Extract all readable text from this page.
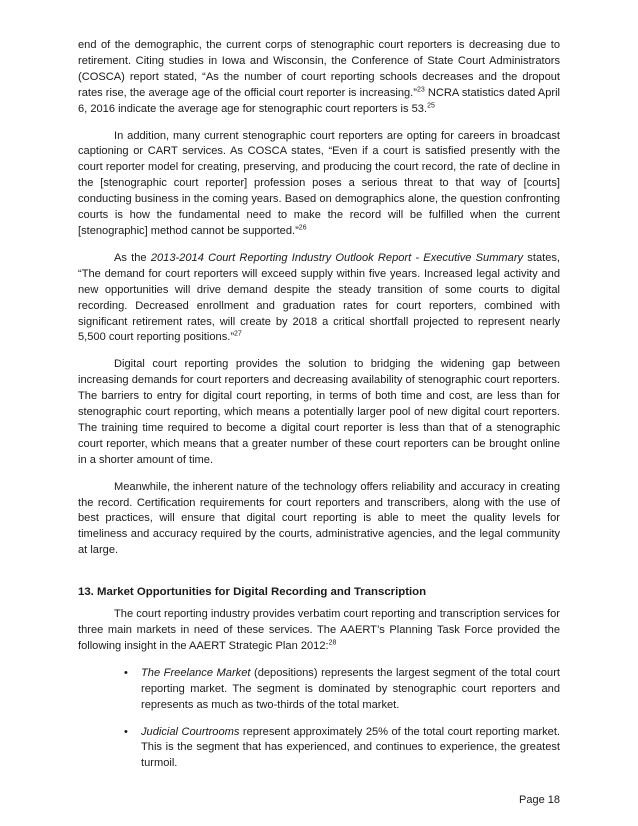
end of the demographic, the current corps of stenographic court reporters is decreasing due to retirement. Citing studies in Iowa and Wisconsin, the Conference of State Court Administrators (COSCA) report stated, “As the number of court reporting schools decreases and the dropout rates rise, the average age of the official court reporter is increasing.”$^{23}$ NCRA statistics dated April 6, 2016 indicate the average age for stenographic court reporters is 53.25

In addition, many current stenographic court reporters are opting for careers in broadcast captioning or CART services. As COSCA states, “Even if a court is satisfied presently with the court reporter model for creating, preserving, and producing the court record, the rate of decline in the [stenographic court reporter] profession poses a serious threat to that way of [courts] conducting business in the coming years. Based on demographics alone, the question confronting courts is how the fundamental need to make the record will be fulfilled when the current [stenographic] method cannot be supported.”$^{26}$

As the 2013-2014 Court Reporting Industry Outlook Report - Executive Summary states, “The demand for court reporters will exceed supply within five years. Increased legal activity and new opportunities will drive demand despite the steady transition of some courts to digital recording. Decreased enrollment and graduation rates for court reporters, combined with significant retirement rates, will create by 2018 a critical shortfall projected to represent nearly 5,500 court reporting positions.”$^{27}$

Digital court reporting provides the solution to bridging the widening gap between increasing demands for court reporters and decreasing availability of stenographic court reporters. The barriers to entry for digital court reporting, in terms of both time and cost, are less than for stenographic court reporting, which means a potentially larger pool of new digital court reporters. The training time required to become a digital court reporter is less than that of a stenographic court reporter, which means that a greater number of these court reporters can be brought online in a shorter amount of time.

Meanwhile, the inherent nature of the technology offers reliability and accuracy in creating the record. Certification requirements for court reporters and transcribers, along with the use of best practices, will ensure that digital court reporting is able to meet the quality levels for timeliness and accuracy required by the courts, administrative agencies, and the legal community at large.

13. Market Opportunities for Digital Recording and Transcription

The court reporting industry provides verbatim court reporting and transcription services for three main markets in need of these services. The AAERT’s Planning Task Force provided the following insight in the AAERT Strategic Plan 2012:$^{28}$

• The Freelance Market (depositions) represents the largest segment of the total court reporting market. The segment is dominated by stenographic court reporters and represents as much as two-thirds of the total market.

• Judicial Courtrooms represent approximately 25% of the total court reporting market. This is the segment that has experienced, and continues to experience, the greatest turmoil.

Page 18
